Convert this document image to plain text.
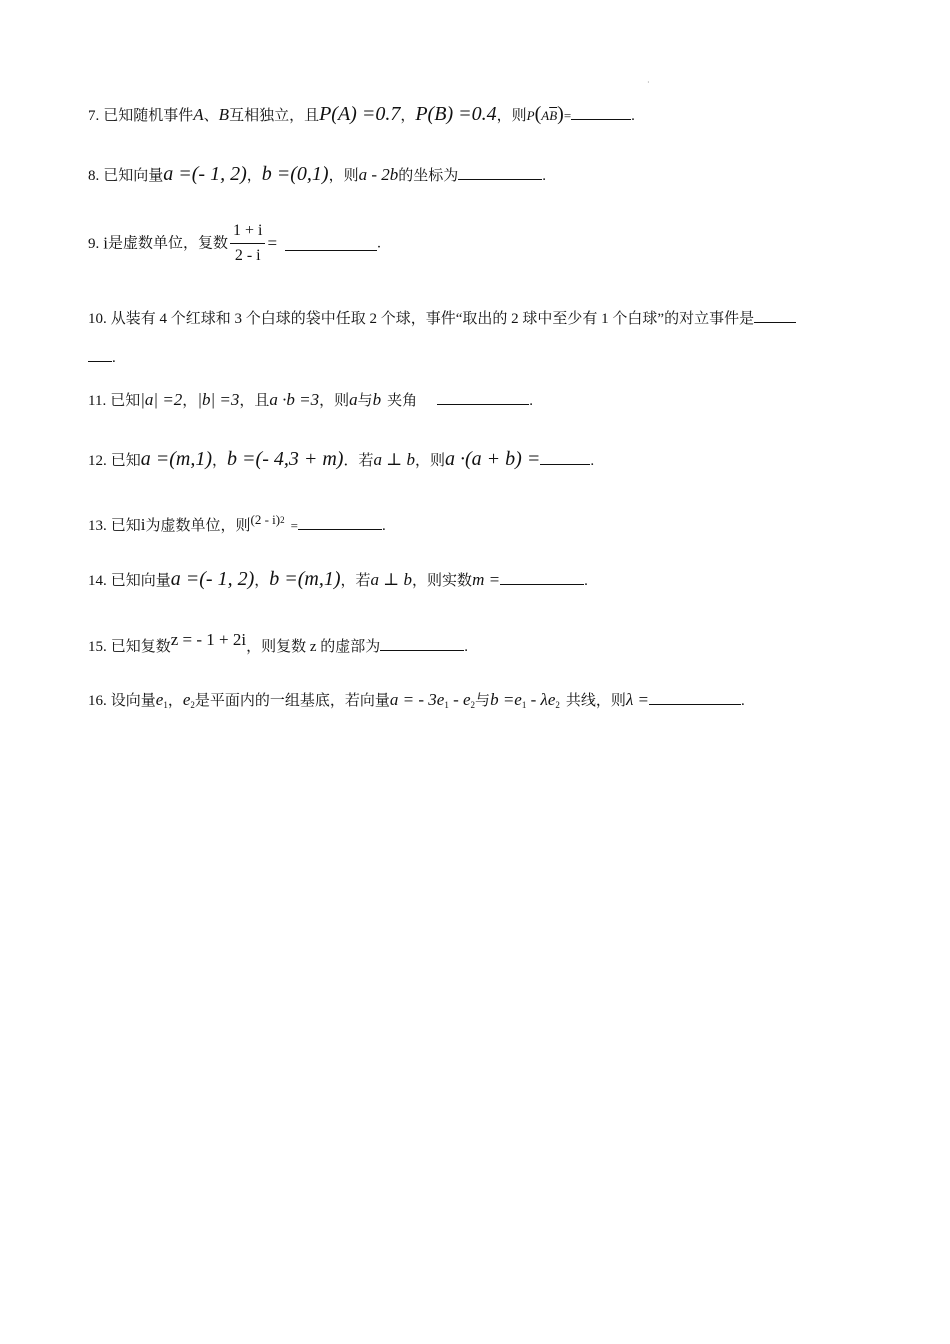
·
7. 已知随机事件A、B互相独立，且P(A) =0.7，P(B) =0.4，则$P(A\overline{B})=$	.
8. 已知向量a =(- 1, 2)，b =(0,1)，则a - 2b的坐标为	.
9. i是虚数单位，复数 $\frac{1 + i}{2 - i}$ =	.
10. 从装有 4 个红球和 3 个白球的袋中任取 2 个球，事件“取出的 2 球中至少有 1 个白球”的对立事件是
.
11. 已知|a| =2，|b| =3，且a ·b =3，则a与b 夹角	.
12. 已知a =(m,1)，b =(- 4,3 + m)．若a ⊥ b，则a ·(a + b) =	.
13. 已知i为虚数单位，则(2 - i)$^2$ =	.
14. 已知向量a =(- 1, 2)，b =(m,1)，若a ⊥ b，则实数m =	.
15. 已知复数z = - 1 + 2i，则复数 z 的虚部为	.
16. 设向量$e_1$，$e_2$是平面内的一组基底，若向量a = - $3e_1 - e_2$与$b =e_1 - \lambda e_2$ 共线，则λ =	.
